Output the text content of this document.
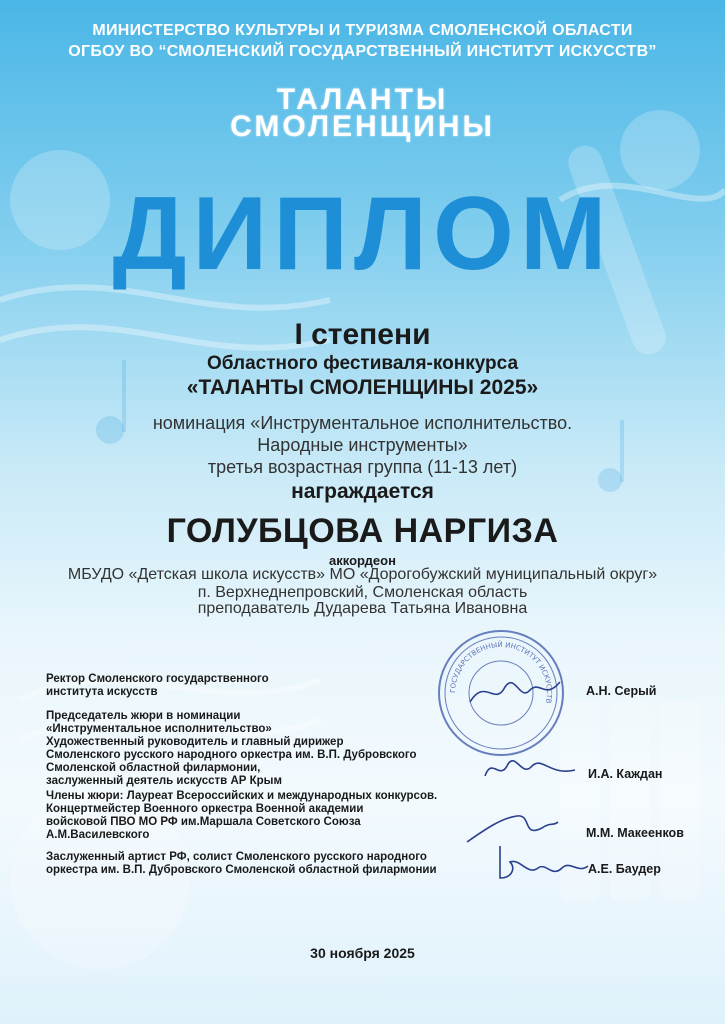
МИНИСТЕРСТВО КУЛЬТУРЫ И ТУРИЗМА СМОЛЕНСКОЙ ОБЛАСТИ
ОГБОУ ВО “СМОЛЕНСКИЙ ГОСУДАРСТВЕННЫЙ ИНСТИТУТ ИСКУССТВ”
ТАЛАНТЫ
СМОЛЕНЩИНЫ
ДИПЛОМ
I степени
Областного фестиваля-конкурса
«ТАЛАНТЫ СМОЛЕНЩИНЫ 2025»
номинация «Инструментальное исполнительство.
Народные инструменты»
третья возрастная группа (11-13 лет)
награждается
ГОЛУБЦОВА НАРГИЗА
аккордеон
МБУДО «Детская школа искусств» МО «Дорогобужский муниципальный округ»
п. Верхнеднепровский, Смоленская область
преподаватель Дударева Татьяна Ивановна
ГОСУДАРСТВЕННЫЙ ИНСТИТУТ ИСКУССТВ
Ректор Смоленского государственного
института искусств	А.Н. Серый
Председатель жюри в номинации
«Инструментальное исполнительство»
Художественный руководитель и главный дирижер
Смоленского русского народного оркестра им. В.П. Дубровского
Смоленской областной филармонии,
заслуженный деятель искусств АР Крым	И.А. Каждан
Члены жюри: Лауреат Всероссийских и международных конкурсов.
Концертмейстер Военного оркестра Военной академии
войсковой ПВО МО РФ им.Маршала Советского Союза
А.М.Василевского	М.М. Макеенков
Заслуженный артист РФ, солист Смоленского русского народного
оркестра им. В.П. Дубровского Смоленской областной филармонии	А.Е. Баудер
30 ноября 2025
